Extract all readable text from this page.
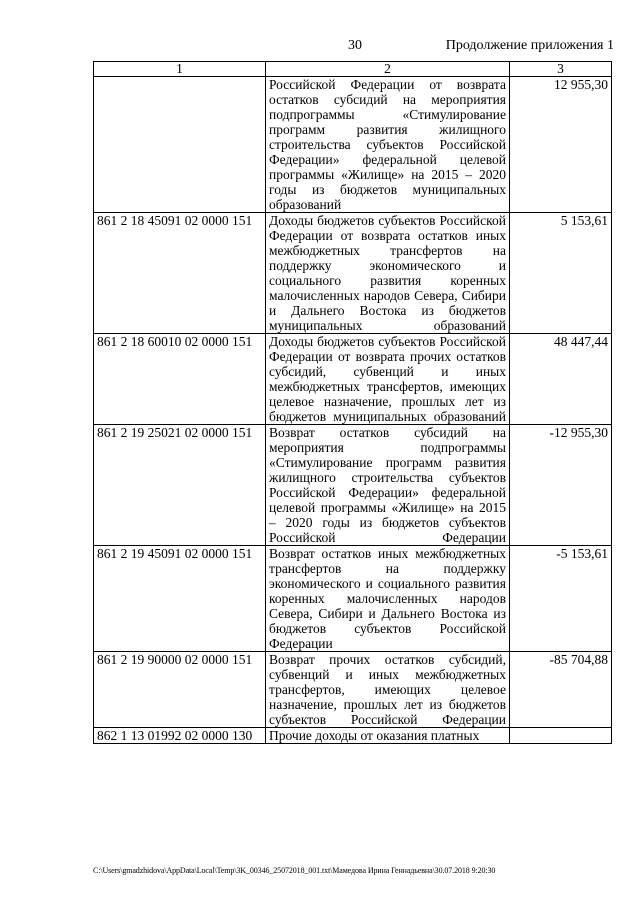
30	Продолжение приложения 1
1	2	3
	Российской Федерации от возврата остатков субсидий на мероприятия подпрограммы «Стимулирование программ развития жилищного строительства субъектов Российской Федерации» федеральной целевой программы «Жилище» на 2015 – 2020 годы из бюджетов муниципальных образований	12 955,30
861 2 18 45091 02 0000 151	Доходы бюджетов субъектов Российской Федерации от возврата остатков иных межбюджетных трансфертов на поддержку экономического и социального развития коренных малочисленных народов Севера, Сибири и Дальнего Востока из бюджетов муниципальных образований	5 153,61
861 2 18 60010 02 0000 151	Доходы бюджетов субъектов Российской Федерации от возврата прочих остатков субсидий, субвенций и иных межбюджетных трансфертов, имеющих целевое назначение, прошлых лет из бюджетов муниципальных образований	48 447,44
861 2 19 25021 02 0000 151	Возврат остатков субсидий на мероприятия подпрограммы «Стимулирование программ развития жилищного строительства субъектов Российской Федерации» федеральной целевой программы «Жилище» на 2015 – 2020 годы из бюджетов субъектов Российской Федерации	-12 955,30
861 2 19 45091 02 0000 151	Возврат остатков иных межбюджетных трансфертов на поддержку экономического и социального развития коренных малочисленных народов Севера, Сибири и Дальнего Востока из бюджетов субъектов Российской Федерации	-5 153,61
861 2 19 90000 02 0000 151	Возврат прочих остатков субсидий, субвенций и иных межбюджетных трансфертов, имеющих целевое назначение, прошлых лет из бюджетов субъектов Российской Федерации	-85 704,88
862 1 13 01992 02 0000 130	Прочие доходы от оказания платных	
C:\Users\gmadzhidova\AppData\Local\Temp\3K_00346_25072018_001.txt\Мамедова Ирина Геннадьевна\30.07.2018 9:20:30
